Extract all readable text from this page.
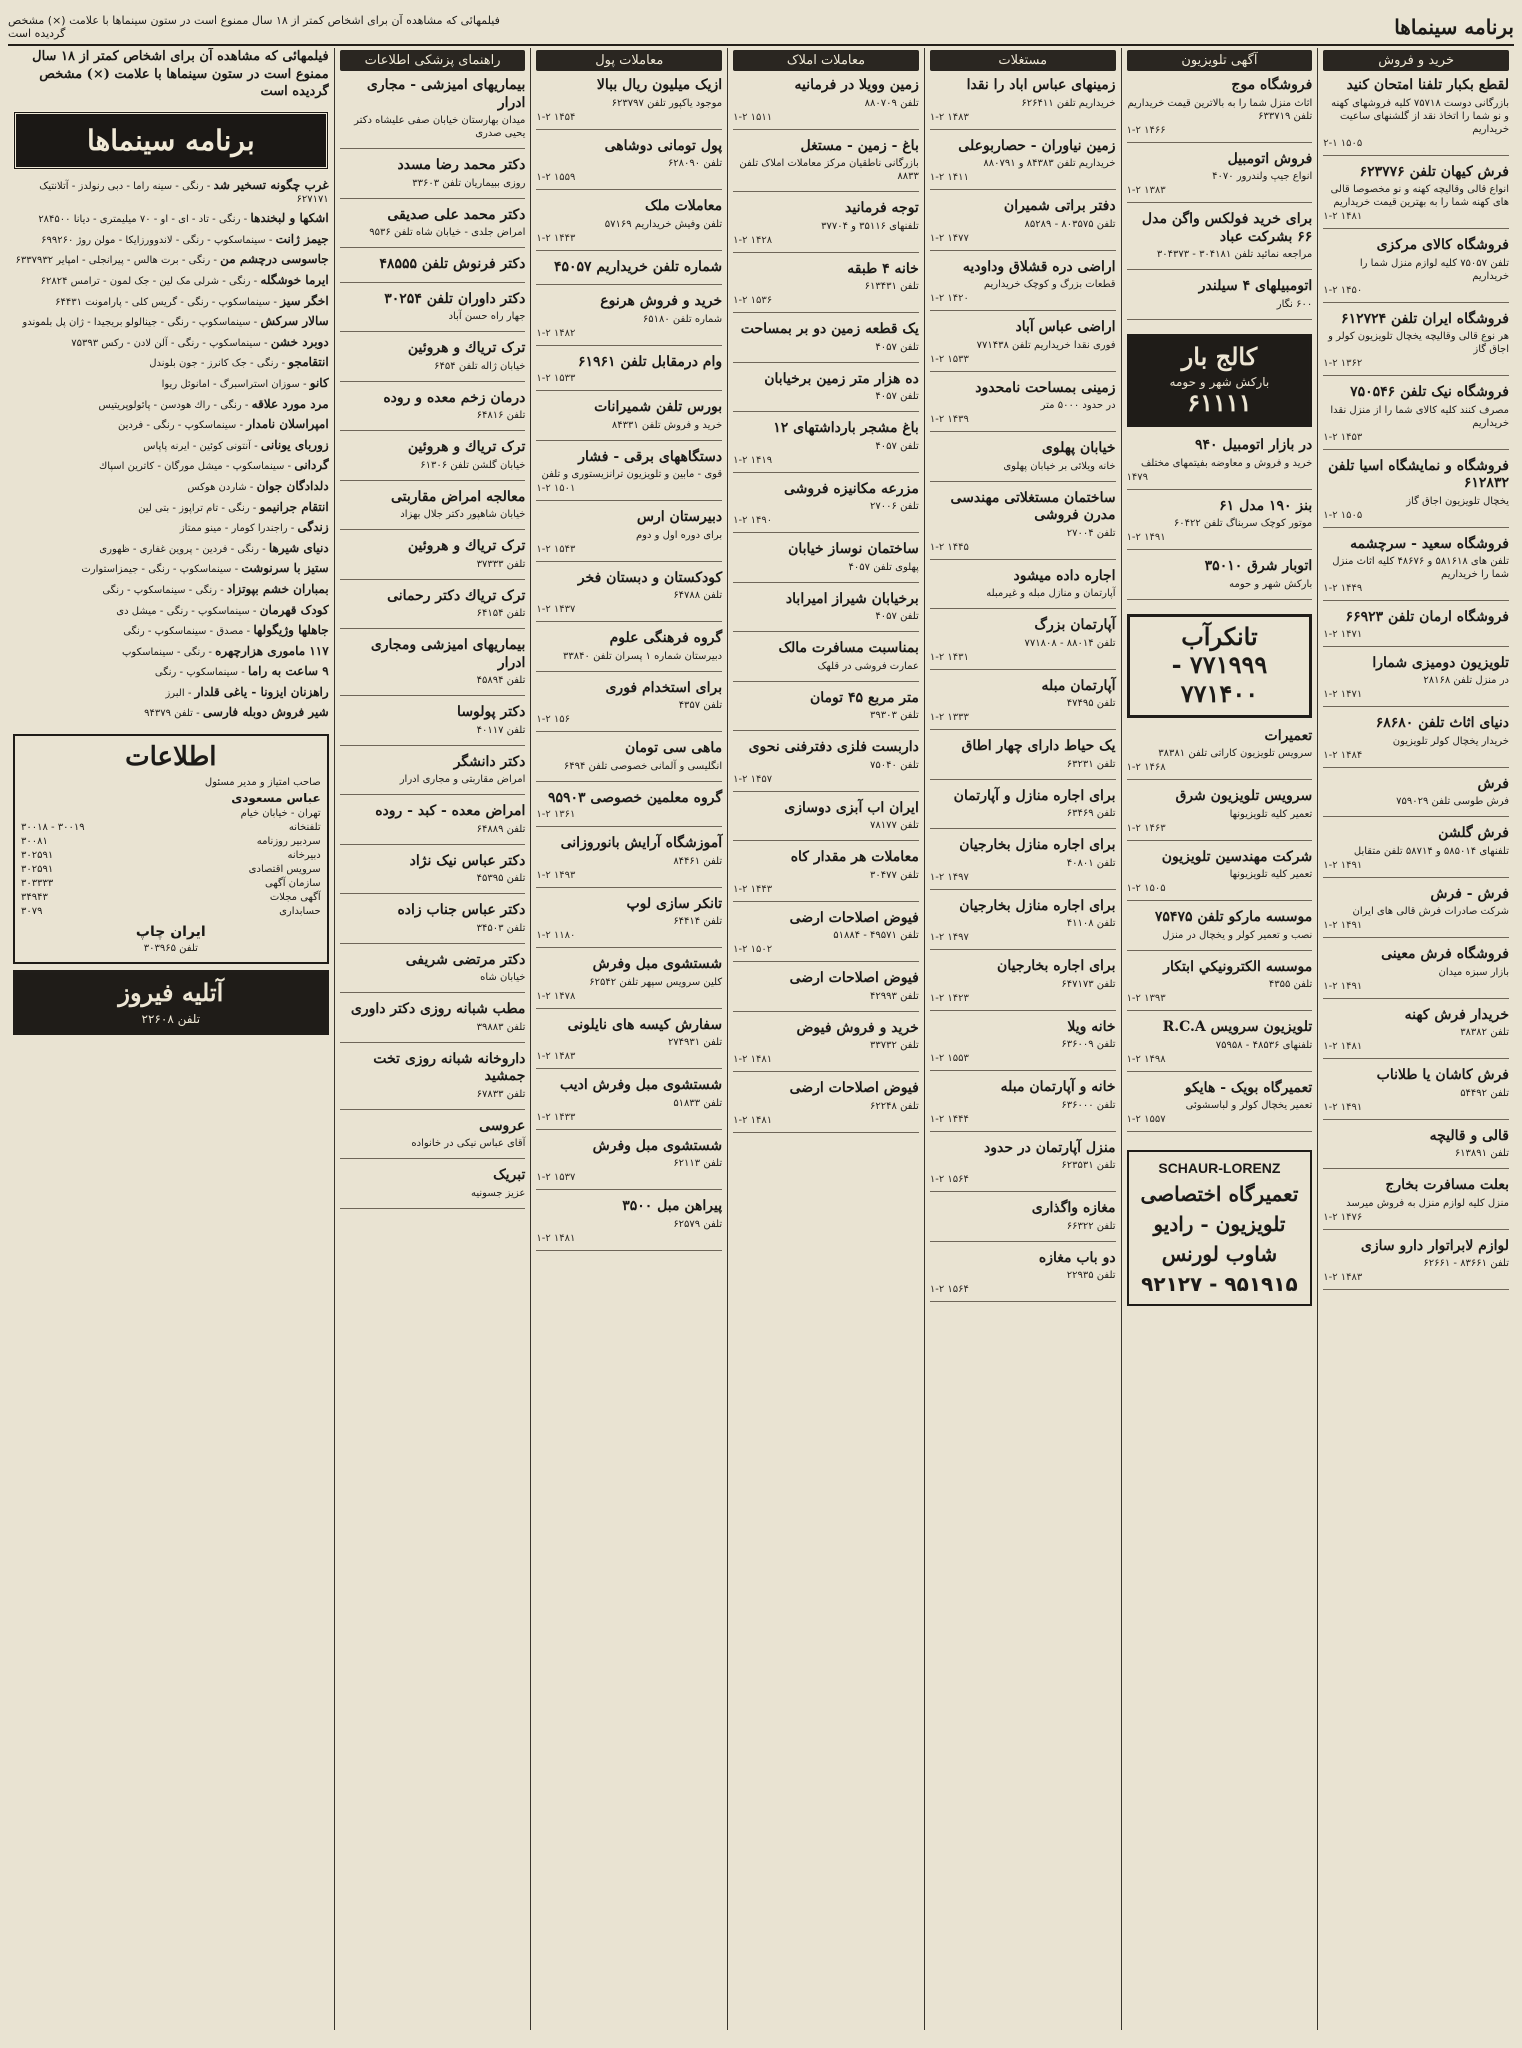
برنامه سینماها
فیلمهائی که مشاهده آن برای اشخاص کمتر از ۱۸ سال ممنوع است در ستون سینماها با علامت (×) مشخص گردیده است
خرید و فروش
لقطع بکبار تلفنا امتحان کنید

بازرگانی دوست ۷۵۷۱۸ کلیه فروشهای کهنه و نو شما را اتخاذ نقد از گلشنهای ساعیت خریداریم

۲-۱ ۱۵۰۵
فرش کیهان تلفن ۶۲۳۷۷۶

انواع قالی وقالیچه کهنه و نو مخصوصا قالی های کهنه شما را به بهترین قیمت خریداریم

۱-۲ ۱۴۸۱
فروشگاه کالای مرکزی

تلفن ۷۵۰۵۷ کلیه لوازم منزل شما را خریداریم

۱-۲ ۱۴۵۰
فروشگاه ایران تلفن ۶۱۲۷۲۴

هر نوع قالی وقالیچه یخچال تلویزیون کولر و اجاق گاز

۱-۲ ۱۳۶۲
فروشگاه نیک تلفن ۷۵۰۵۴۶

مصرف کنند کلیه کالای شما را از منزل نقدا خریداریم

۱-۲ ۱۴۵۳
فروشگاه و نمایشگاه اسیا تلفن ۶۱۲۸۳۲

یخچال تلویزیون اجاق گاز

۱-۲ ۱۵۰۵
فروشگاه سعید - سرچشمه

تلفن های ۵۸۱۶۱۸ و ۴۸۶۷۶ کلیه اثاث منزل شما را خریداریم

۱-۲ ۱۴۴۹
فروشگاه ارمان تلفن ۶۶۹۲۳

۱-۲ ۱۴۷۱
تلویزیون دومیزی شمارا

در منزل تلفن ۲۸۱۶۸

۱-۲ ۱۴۷۱
دنیای اثاث تلفن ۶۸۶۸۰

خریدار یخچال کولر تلویزیون

۱-۲ ۱۴۸۴
فرش

فرش طوسی تلفن ۷۵۹۰۲۹

فرش گلشن

تلفنهای ۵۸۵۰۱۴ و ۵۸۷۱۴ تلفن متقابل

۱-۲ ۱۴۹۱
فرش - فرش

شرکت صادرات فرش قالی های ایران

۱-۲ ۱۴۹۱
فروشگاه فرش معینی

بازار سبزه میدان

۱-۲ ۱۴۹۱
خریدار فرش کهنه

تلفن ۳۸۳۸۲

۱-۲ ۱۴۸۱
فرش کاشان یا طلاناب

تلفن ۵۴۴۹۲

۱-۲ ۱۴۹۱
قالی و قالیچه

تلفن ۶۱۳۸۹۱

بعلت مسافرت بخارج

منزل کلیه لوازم منزل به فروش میرسد

۱-۲ ۱۴۷۶
لوازم لابراتوار دارو سازی

تلفن ۸۳۶۶۱ - ۶۲۶۶۱

۱-۲ ۱۴۸۳
آگهی تلویزیون
فروشگاه موج

اثاث منزل شما را به بالاترین قیمت خریداریم تلفن ۶۳۳۷۱۹

۱-۲ ۱۴۶۶
فروش اتومبیل

انواع جیپ ولندرور ۴۰۷۰

۱-۲ ۱۳۸۳
برای خرید فولکس واگن مدل ۶۶ بشرکت عباد

مراجعه نمائید تلفن ۳۰۴۱۸۱ - ۳۰۴۳۷۳

اتومبیلهای ۴ سیلندر

۶۰۰ نگار

کالج بار
بارکش شهر و حومه
۶۱۱۱۱
در بازار اتومبیل ۹۴۰

خرید و فروش و معاوضه بفیتمهای مختلف

۱۴۷۹
بنز ۱۹۰ مدل ۶۱

موتور کوچک سربناگ تلفن ۶۰۴۲۲

۱-۲ ۱۴۹۱
اتوبار شرق ۳۵۰۱۰

بارکش شهر و حومه

تانکرآب
۷۷۱۹۹۹ - ۷۷۱۴۰۰
تعمیرات

سرویس تلویزیون کاراتی تلفن ۳۸۳۸۱

۱-۲ ۱۴۶۸
سرویس تلویزیون شرق

تعمیر کلیه تلویزیونها

۱-۲ ۱۴۶۳
شرکت مهندسین تلویزیون

تعمیر کلیه تلویزیونها

۱-۲ ۱۵۰۵
موسسه ماركو تلفن ۷۵۴۷۵

نصب و تعمیر کولر و یخچال در منزل

موسسه الكترونيكي ابتكار

تلفن ۴۳۵۵

۱-۲ ۱۳۹۳
تلویزیون سرویس R.C.A

تلفنهای ۴۸۵۳۶ - ۷۵۹۵۸

۱-۲ ۱۴۹۸
تعمیرگاه بویک - هایکو

تعمیر یخچال کولر و لباسشوئی

۱-۲ ۱۵۵۷
SCHAUR-LORENZ
تعمیرگاه اختصاصی
تلویزیون - رادیو
شاوب لورنس
۹۲۱۲۷ - ۹۵۱۹۱۵
مستغلات
زمینهای عباس اباد را نقدا

خریداریم تلفن ۶۲۶۴۱۱

۱-۲ ۱۴۸۳
زمین نیاوران - حصاربوعلی

خریداریم تلفن ۸۴۳۸۳ و ۸۸۰۷۹۱

۱-۲ ۱۴۱۱
دفتر براتی شمیران

تلفن ۸۰۳۵۷۵ - ۸۵۲۸۹

۱-۲ ۱۴۷۷
اراضی دره قشلاق وداودیه

قطعات بزرگ و کوچک خریداریم

۱-۲ ۱۴۲۰
اراضی عباس آباد

فوری نقدا خریداریم تلفن ۷۷۱۴۳۸

۱-۲ ۱۵۳۳
زمینی بمساحت نامحدود

در حدود ۵۰۰۰ متر

۱-۲ ۱۴۳۹
خیابان پهلوی

خانه ویلائی بر خیابان پهلوی

ساختمان مستغلاتی مهندسی مدرن فروشی

تلفن ۲۷۰۰۴

۱-۲ ۱۴۴۵
اجاره داده میشود

آپارتمان و منازل مبله و غیرمبله

آپارتمان بزرگ

تلفن ۸۸۰۱۴ - ۷۷۱۸۰۸

۱-۲ ۱۴۳۱
آپارتمان مبله

تلفن ۴۷۴۹۵

۱-۲ ۱۳۳۳
یک حیاط دارای چهار اطاق

تلفن ۶۳۲۳۱

برای اجاره منازل و آپارتمان

تلفن ۶۳۴۶۹

برای اجاره منازل بخارجیان

تلفن ۴۰۸۰۱

۱-۲ ۱۴۹۷
برای اجاره منازل بخارجیان

تلفن ۴۱۱۰۸

۱-۲ ۱۴۹۷
برای اجاره بخارجیان

تلفن ۶۴۷۱۷۳

۱-۲ ۱۴۲۳
خانه ویلا

تلفن ۶۳۶۰۰۹

۱-۲ ۱۵۵۳
خانه و آپارتمان مبله

تلفن ۶۳۶۰۰۰

۱-۲ ۱۴۴۴
منزل آپارتمان در حدود

تلفن ۶۲۳۵۳۱

۱-۲ ۱۵۶۴
مغازه واگذاری

تلفن ۶۶۳۲۲

دو باب مغازه

تلفن ۲۲۹۳۵

۱-۲ ۱۵۶۴
معاملات املاک
زمین وویلا در فرمانیه

تلفن ۸۸۰۷۰۹

۱-۲ ۱۵۱۱
باغ - زمین - مستغل

بازرگانی ناطقیان مرکز معاملات املاک تلفن ۸۸۳۳

توجه فرمانید

تلفنهای ۳۵۱۱۶ و ۳۷۷۰۴

۱-۲ ۱۴۲۸
خانه ۴ طبقه

تلفن ۶۱۳۴۳۱

۱-۲ ۱۵۳۶
یک قطعه زمین دو بر بمساحت

تلفن ۴۰۵۷

ده هزار متر زمین برخیابان

تلفن ۴۰۵۷

باغ مشجر بارداشتهای ۱۲

تلفن ۴۰۵۷

۱-۲ ۱۴۱۹
مزرعه مکانیزه فروشی

تلفن ۲۷۰۰۶

۱-۲ ۱۴۹۰
ساختمان نوساز خیابان

پهلوی تلفن ۴۰۵۷

برخیابان شیراز امیراباد

تلفن ۴۰۵۷

بمناسبت مسافرت مالک

عمارت فروشی در قلهک

متر مربع ۴۵ تومان

تلفن ۳۹۳۰۳

داربست فلزی دفترفنی نحوی

تلفن ۷۵۰۴۰

۱-۲ ۱۴۵۷
ایران اب آبزی دوسازی

تلفن ۷۸۱۷۷

معاملات هر مقدار کاه

تلفن ۳۰۴۷۷

۱-۲ ۱۴۴۳
فیوض اصلاحات ارضی

تلفن ۴۹۵۷۱ - ۵۱۸۸۴

۱-۲ ۱۵۰۲
فیوض اصلاحات ارضی

تلفن ۴۲۹۹۳

خرید و فروش فیوض

تلفن ۳۳۷۳۲

۱-۲ ۱۴۸۱
فیوض اصلاحات ارضی

تلفن ۶۲۲۴۸

۱-۲ ۱۴۸۱
معاملات پول
ازیک میلیون ریال ببالا

موجود یاکپور تلفن ۶۲۳۷۹۷

۱-۲ ۱۴۵۴
پول تومانی دوشاهی

تلفن ۶۲۸۰۹۰

۱-۲ ۱۵۵۹
معاملات ملک

تلفن وفیش خریداریم ۵۷۱۶۹

۱-۲ ۱۴۴۳
شماره تلفن خریداریم ۴۵۰۵۷

خرید و فروش هرنوع

شماره تلفن ۶۵۱۸۰

۱-۲ ۱۴۸۲
وام درمقابل تلفن ۶۱۹۶۱

۱-۲ ۱۵۳۳
بورس تلفن شمیرانات

خرید و فروش تلفن ۸۴۳۳۱

دستگاههای برقی - فشار

قوی - مابین و تلویزیون ترانزیستوری و تلفن

۱-۲ ۱۵۰۱
دبیرستان ارس

برای دوره اول و دوم

۱-۲ ۱۵۴۳
کودکستان و دبستان فخر

تلفن ۶۴۷۸۸

۱-۲ ۱۴۳۷
گروه فرهنگی علوم

دبیرستان شماره ۱ پسران تلفن ۳۳۸۴۰

برای استخدام فوری

تلفن ۴۳۵۷

۱-۲ ۱۵۶
ماهی سی تومان

انگلیسی و آلمانی خصوصی تلفن ۶۴۹۴

گروه معلمین خصوصی ۹۵۹۰۳

۱-۲ ۱۳۶۱
آموزشگاه آرایش بانوروزانی

تلفن ۸۴۴۶۱

۱-۲ ۱۴۹۳
تانکر سازی لوپ

تلفن ۶۴۴۱۴

۱-۲ ۱۱۸۰
شستشوی مبل وفرش

کلین سرویس سپهر تلفن ۶۲۵۴۲

۱-۲ ۱۴۷۸
سفارش کیسه های نایلونی

تلفن ۲۷۴۹۳۱

۱-۲ ۱۴۸۳
شستشوی مبل وفرش ادیب

تلفن ۵۱۸۳۳

۱-۲ ۱۴۳۳
شستشوی مبل وفرش

تلفن ۶۲۱۱۳

۱-۲ ۱۵۳۷
پیراهن مبل ۳۵۰۰

تلفن ۶۲۵۷۹

۱-۲ ۱۴۸۱
راهنمای پزشکی اطلاعات
بیماریهای امیزشی - مجاری ادرار

میدان بهارستان خیابان صفی علیشاه دکتر یحیی صدری

دکتر محمد رضا مسدد

روزی ببیماریان تلفن ۳۳۶۰۳

دکتر محمد علی صدیقی

امراض جلدی - خیابان شاه تلفن ۹۵۳۶

دکتر فرنوش تلفن ۴۸۵۵۵

دکتر داوران تلفن ۳۰۲۵۴

جهار راه حسن آباد

ترک تریاك و هروئین

خیابان ژاله تلفن ۶۴۵۴

درمان زخم معده و روده

تلفن ۶۴۸۱۶

ترک تریاك و هروئین

خیابان گلشن تلفن ۶۱۳۰۶

معالجه امراض مقاربتی

خیابان شاهپور دکتر جلال بهزاد

ترک تریاك و هروئین

تلفن ۳۷۳۳۳

ترک تریاك دکتر رحمانی

تلفن ۶۴۱۵۴

بیماریهای امیزشی ومجاری ادرار

تلفن ۴۵۸۹۴

دکتر پولوسا

تلفن ۴۰۱۱۷

دکتر دانشگر

امراض مقاربتی و مجاری ادرار

امراض معده - کبد - روده

تلفن ۶۴۸۸۹

دکتر عباس نیک نژاد

تلفن ۴۵۳۹۵

دکتر عباس جناب زاده

تلفن ۳۴۵۰۳

دکتر مرتضی شریفی

خیابان شاه

مطب شبانه روزی دکتر داوری

تلفن ۳۹۸۸۳

داروخانه شبانه روزی تخت جمشید

تلفن ۶۷۸۳۳

عروسی

آقای عباس نیکی در خانواده

تبریک

عزیز جسونیه

فیلمهائی که مشاهده آن برای اشخاص کمتر از ۱۸ سال ممنوع است در ستون سینماها با علامت (×) مشخص گردیده است
برنامه سینماها
غرب چگونه تسخیر شد - رنگی - سینه راما - دبی رنولدز - آتلانتیک ۶۲۷۱۷۱
اشکها و لبخندها - رنگی - تاد - ای - او - ۷۰ میلیمتری - دیانا ۲۸۴۵۰۰
جیمز ژانت - سینماسکوپ - رنگی - لاندوورزایکا - مولن روژ ۶۹۹۲۶۰
جاسوسی درچشم من - رنگی - برت هالس - پیرانجلی - امپایر ۶۳۳۷۹۳۲
ایرما خوشگله - رنگی - شرلی مک لین - جک لمون - ترامس ۶۲۸۲۴
اخگر سیز - سینماسکوپ - رنگی - گریس کلی - پارامونت ۶۴۴۳۱
سالار سرکش - سینماسکوپ - رنگی - جینالولو بریجیدا - ژان پل بلموندو
دوبرد خشن - سینماسکوپ - رنگی - آلن لادن - رکس ۷۵۳۹۳
انتقامجو - رنگی - جک کانرز - جون بلوندل
کانو - سوزان استراسبرگ - امانوئل ریوا
مرد مورد علاقه - رنگی - راك هودسن - پائولوپریتیس
امپراسلان نامدار - سینماسکوپ - رنگی - فردین
زوربای یونانی - آنتونی کوئین - ایرنه پاپاس
گردانی - سینماسکوپ - میشل مورگان - کاترین اسپاك
دلدادگان جوان - شاردن هوكس
انتقام جرانیمو - رنگی - تام تراپوز - بتی لین
زندگی - راجندرا کومار - مینو ممتاز
دنیای شیرها - رنگی - فردین - پروین غفاری - ظهوری
ستیز با سرنوشت - سینماسکوپ - رنگی - جیمزاستوارت
بمباران خشم بپوتزاد - رنگی - سینماسکوپ - رنگی
کودک قهرمان - سینماسکوپ - رنگی - میشل دی
جاهلها وژیگولها - مصدق - سینماسکوپ - رنگی
۱۱۷ ماموری هزارچهره - رنگی - سینماسکوپ
۹ ساعت به راما - سینماسکوپ - رنگی
راهزنان ایزونا - یاغی قلدار - البرز
شیر فروش دوبله فارسی - تلفن ۹۴۳۷۹
اطلاعات
صاحب امتیاز و مدیر مسئول
عباس مسعودی
تهران - خیابان خیام
تلفنخانه
۳۰۰۱۸ - ۳۰۰۱۹
سردبیر روزنامه
۳۰۰۸۱
دبیرخانه
۳۰۲۵۹۱
سرویس اقتصادی
۳۰۲۵۹۱
سازمان آگهی
۳۰۳۳۳۳
آگهی مجلات
۳۴۹۴۳
حسابداری
۳۰۷۹
ایران چاپ
تلفن ۳۰۳۹۶۵
آتلیه فیروز
تلفن ۲۲۶۰۸
